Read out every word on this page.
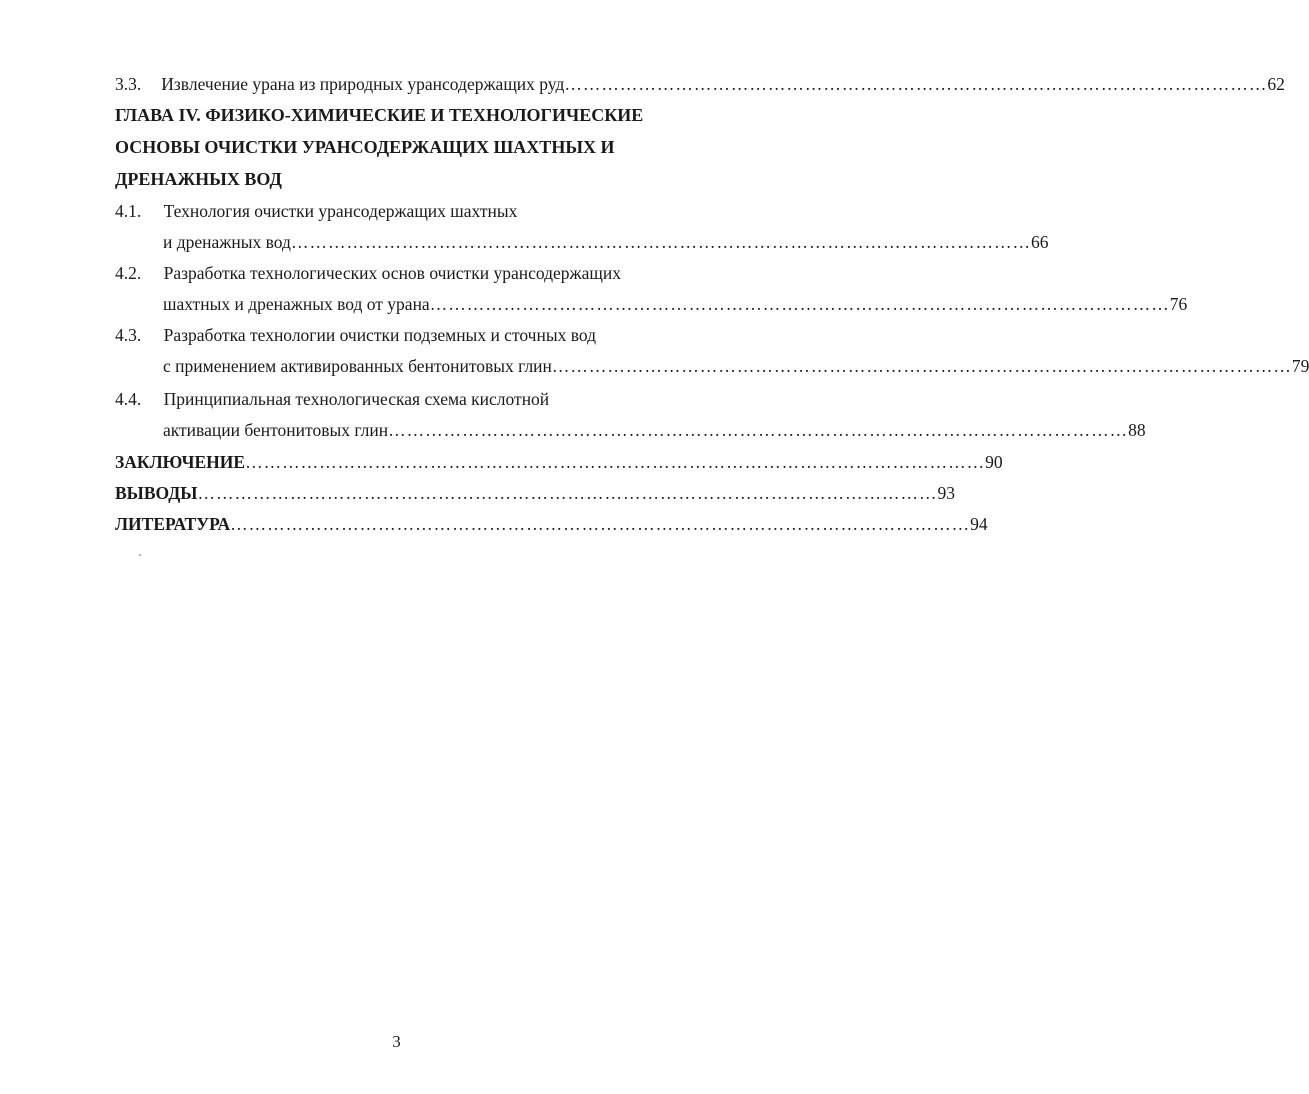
3.3. Извлечение урана из природных урансодержащих руд …………………………………………………………………………………………………… 62
ГЛАВА IV. ФИЗИКО-ХИМИЧЕСКИЕ И ТЕХНОЛОГИЧЕСКИЕ
ОСНОВЫ ОЧИСТКИ УРАНСОДЕРЖАЩИХ ШАХТНЫХ И
ДРЕНАЖНЫХ ВОД
4.1. Технология очистки урансодержащих шахтных
и дренажных вод ………………………………………………………………………………………………………… 66
4.2. Разработка технологических основ очистки урансодержащих
шахтных и дренажных вод от урана ………………………………………………………………………………………………………… 76
4.3. Разработка технологии очистки подземных и сточных вод
с применением активированных бентонитовых глин ………………………………………………………………………………………………………… 79
4.4. Принципиальная технологическая схема кислотной
активации бентонитовых глин ………………………………………………………………………………………………………… 88
ЗАКЛЮЧЕНИЕ ………………………………………………………………………………………………………… 90
ВЫВОДЫ ………………………………………………………………………………………………………… 93
ЛИТЕРАТУРА ………………………………………………………………………………………………………… 94
3
